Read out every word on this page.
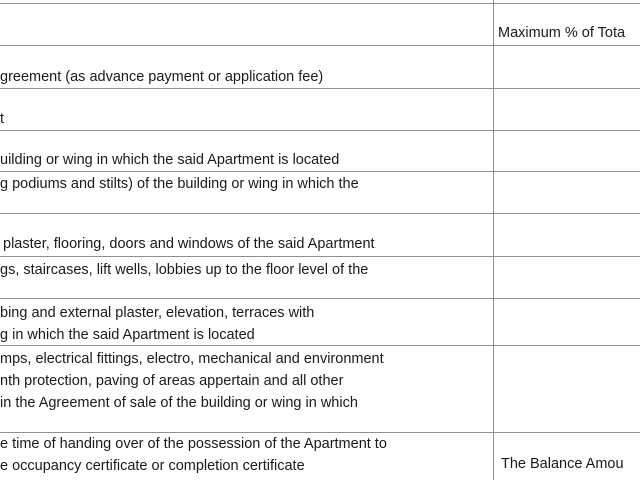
Maximum % of Tota
greement (as advance payment or application fee)
t
uilding or wing in which the said Apartment is located
g podiums and stilts) of the building or wing in which the
plaster, flooring, doors and windows of the said Apartment
gs, staircases, lift wells, lobbies up to the floor level of the
bing and external plaster, elevation, terraces with
g in which the said Apartment is located
mps, electrical fittings, electro, mechanical and environment
nth protection, paving of areas appertain and all other
in the Agreement of sale of the building or wing in which
e time of handing over of the possession of the Apartment to
e occupancy certificate or completion certificate	The Balance Amou
